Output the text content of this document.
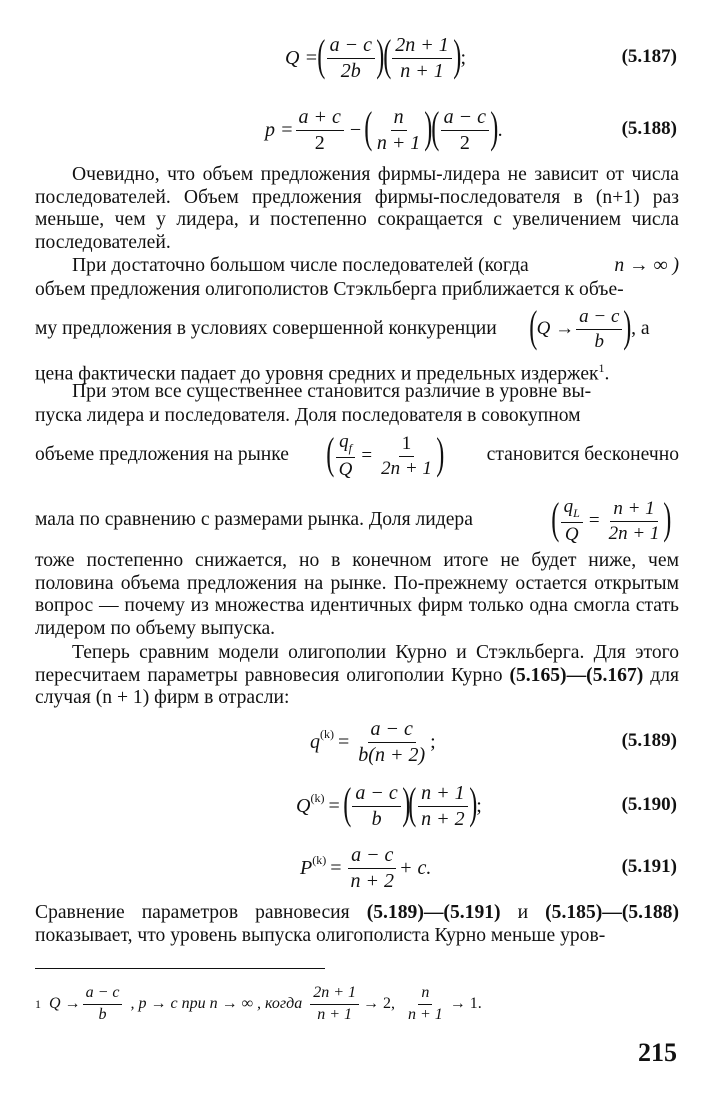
Q = ( $\frac{a - c}{2b}$ )
( $\frac{2n + 1}{n + 1}$ ) ;	(5.187)
$p = \frac{a + c}{2}$ − ( $\frac{n}{n + 1}$ )
( $\frac{a - c}{2}$ ) .	(5.188)
Очевидно, что объем предложения фирмы-лидера не зависит от числа последователей. Объем предложения фирмы-последователя в (n+1) раз меньше, чем у лидера, и постепенно сокращается с увеличением числа последователей.
При достаточно большом числе последователей (когда	n → ∞ )
объем предложения олигополистов Стэкльберга приближается к объе-
му предложения в условиях совершенной конкуренции ( $Q \to \frac{a - c}{b}$ ) , а
цена фактически падает до уровня средних и предельных издержек$^1$.
При этом все существеннее становится различие в уровне вы-
пуска лидера и последователя. Доля последователя в совокупном
объеме предложения на рынке	становится бесконечно
( $\frac{q_f}{Q} = \frac{1}{2n + 1}$ )
мала по сравнению с размерами рынка. Доля лидера	( $\frac{q_L}{Q} = \frac{n + 1}{2n + 1}$ )
тоже постепенно снижается, но в конечном итоге не будет ниже, чем половина объема предложения на рынке. По-прежнему остается открытым вопрос — почему из множества идентичных фирм только одна смогла стать лидером по объему выпуска.
Теперь сравним модели олигополии Курно и Стэкльберга. Для этого пересчитаем параметры равновесия олигополии Курно (5.165)—(5.167) для случая (n + 1) фирм в отрасли:
$q^{(k)} = \frac{a - c}{b(n + 2)}$ ;	(5.189)
$Q^{(k)}$ = ( $\frac{a - c}{b}$ )
( $\frac{n + 1}{n + 2}$ ) ;	(5.190)
$P^{(k)} = \frac{a - c}{n + 2} + c$.	(5.191)
Сравнение параметров равновесия (5.189)—(5.191) и (5.185)—(5.188) показывает, что уровень выпуска олигополиста Курно меньше уров-
1 $Q \to \frac{a - c}{b}$ , p → c при n → ∞ , когда $\frac{2n + 1}{n + 1} \to 2$, $\frac{n}{n + 1} \to 1$.
215
